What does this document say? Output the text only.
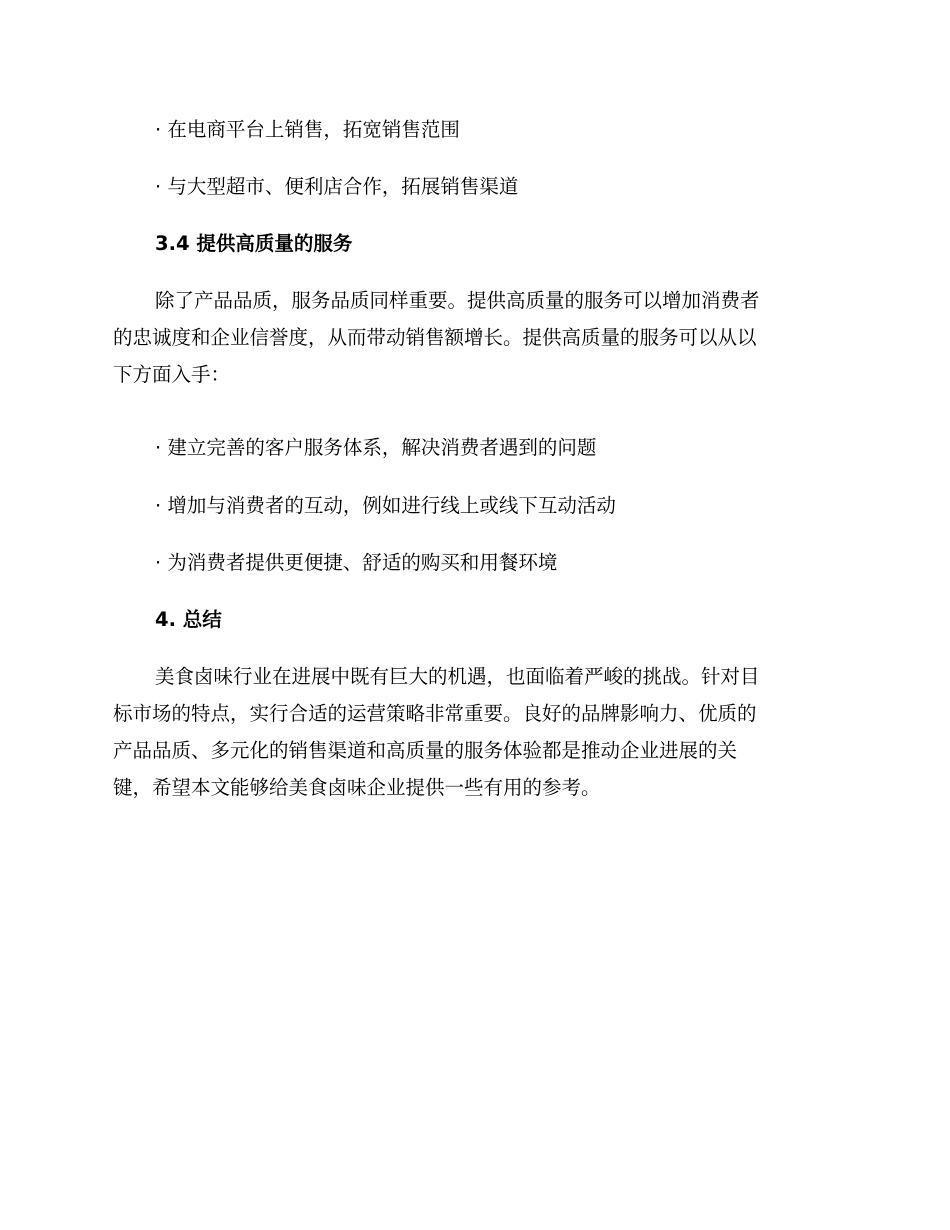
· 在电商平台上销售，拓宽销售范围
· 与大型超市、便利店合作，拓展销售渠道
3.4 提供高质量的服务
除了产品品质，服务品质同样重要。提供高质量的服务可以增加消费者
的忠诚度和企业信誉度，从而带动销售额增长。提供高质量的服务可以从以
下方面入手：
· 建立完善的客户服务体系，解决消费者遇到的问题
· 增加与消费者的互动，例如进行线上或线下互动活动
· 为消费者提供更便捷、舒适的购买和用餐环境
4. 总结
美食卤味行业在进展中既有巨大的机遇，也面临着严峻的挑战。针对目
标市场的特点，实行合适的运营策略非常重要。良好的品牌影响力、优质的
产品品质、多元化的销售渠道和高质量的服务体验都是推动企业进展的关
键，希望本文能够给美食卤味企业提供一些有用的参考。
